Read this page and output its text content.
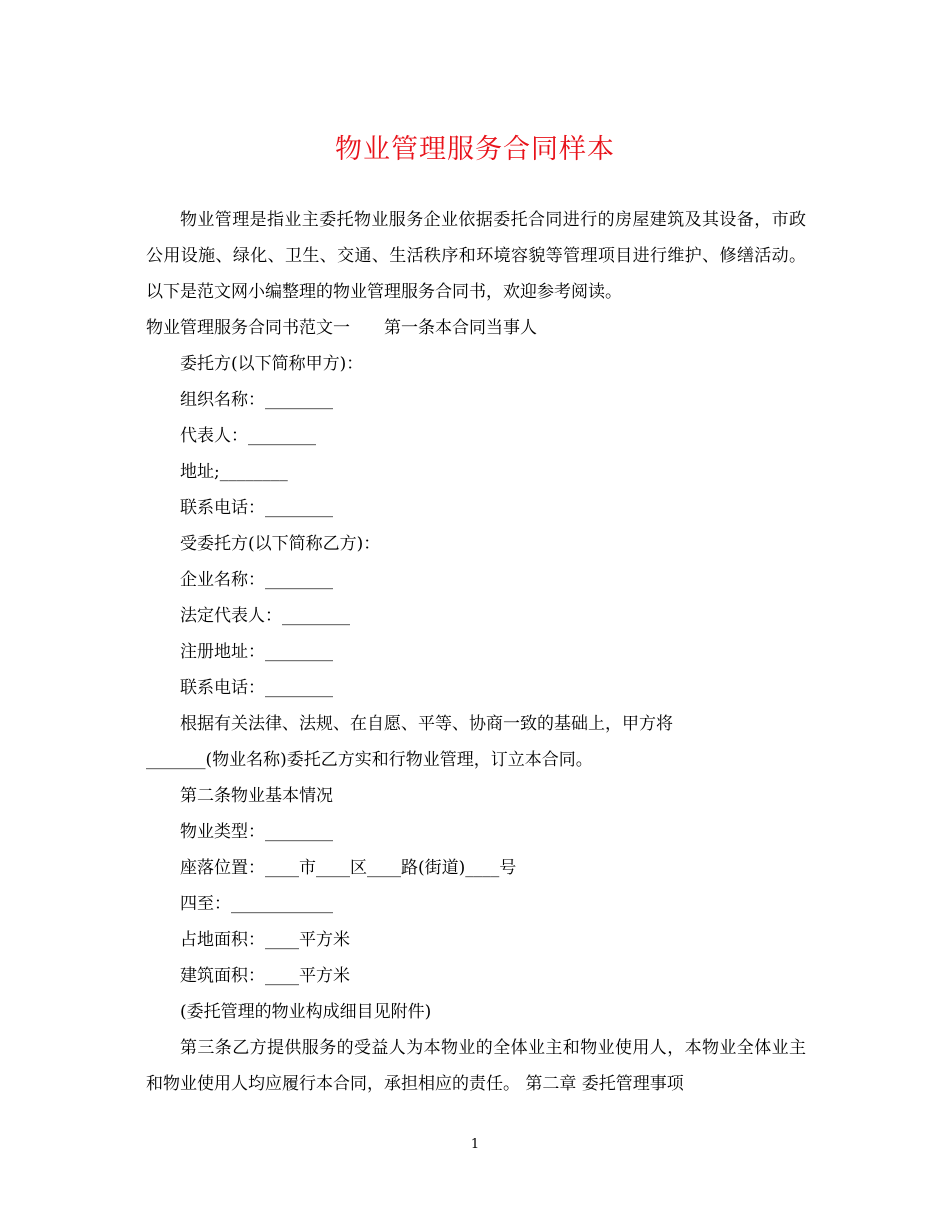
物业管理服务合同样本

物业管理是指业主委托物业服务企业依据委托合同进行的房屋建筑及其设备，市政公用设施、绿化、卫生、交通、生活秩序和环境容貌等管理项目进行维护、修缮活动。以下是范文网小编整理的物业管理服务合同书，欢迎参考阅读。

物业管理服务合同书范文一 第一条本合同当事人

委托方(以下简称甲方)：

组织名称：________

代表人：________

地址;________

联系电话：________

受委托方(以下简称乙方)：

企业名称：________

法定代表人：________

注册地址：________

联系电话：________

根据有关法律、法规、在自愿、平等、协商一致的基础上，甲方将

_______(物业名称)委托乙方实和行物业管理，订立本合同。

第二条物业基本情况

物业类型：________

座落位置：____市____区____路(街道)____号

四至：____________

占地面积：____平方米

建筑面积：____平方米

(委托管理的物业构成细目见附件)

第三条乙方提供服务的受益人为本物业的全体业主和物业使用人，本物业全体业主和物业使用人均应履行本合同，承担相应的责任。 第二章 委托管理事项

1
